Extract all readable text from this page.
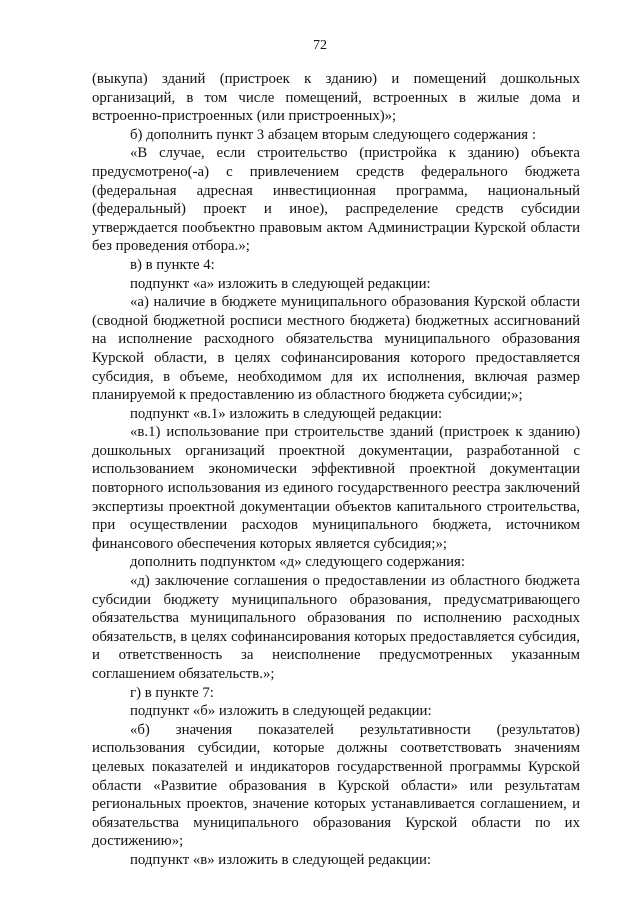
72

(выкупа) зданий (пристроек к зданию) и помещений дошкольных организаций, в том числе помещений, встроенных в жилые дома и встроенно-пристроенных (или пристроенных)»;

б) дополнить пункт 3 абзацем вторым следующего содержания :

«В случае, если строительство (пристройка к зданию) объекта предусмотрено(-а) с привлечением средств федерального бюджета (федеральная адресная инвестиционная программа, национальный (федеральный) проект и иное), распределение средств субсидии утверждается пообъектно правовым актом Администрации Курской области без проведения отбора.»;

в) в пункте 4:

подпункт «а» изложить в следующей редакции:

«а) наличие в бюджете муниципального образования Курской области (сводной бюджетной росписи местного бюджета) бюджетных ассигнований на исполнение расходного обязательства муниципального образования Курской области, в целях софинансирования которого предоставляется субсидия, в объеме, необходимом для их исполнения, включая размер планируемой к предоставлению из областного бюджета субсидии;»;

подпункт «в.1» изложить в следующей редакции:

«в.1) использование при строительстве зданий (пристроек к зданию) дошкольных организаций проектной документации, разработанной с использованием экономически эффективной проектной документации повторного использования из единого государственного реестра заключений экспертизы проектной документации объектов капитального строительства, при осуществлении расходов муниципального бюджета, источником финансового обеспечения которых является субсидия;»;

дополнить подпунктом «д» следующего содержания:

«д) заключение соглашения о предоставлении из областного бюджета субсидии бюджету муниципального образования, предусматривающего обязательства муниципального образования по исполнению расходных обязательств, в целях софинансирования которых предоставляется субсидия, и ответственность за неисполнение предусмотренных указанным соглашением обязательств.»;

г) в пункте 7:

подпункт «б» изложить в следующей редакции:

«б) значения показателей результативности (результатов) использования субсидии, которые должны соответствовать значениям целевых показателей и индикаторов государственной программы Курской области «Развитие образования в Курской области» или результатам региональных проектов, значение которых устанавливается соглашением, и обязательства муниципального образования Курской области по их достижению»;

подпункт «в» изложить в следующей редакции:
